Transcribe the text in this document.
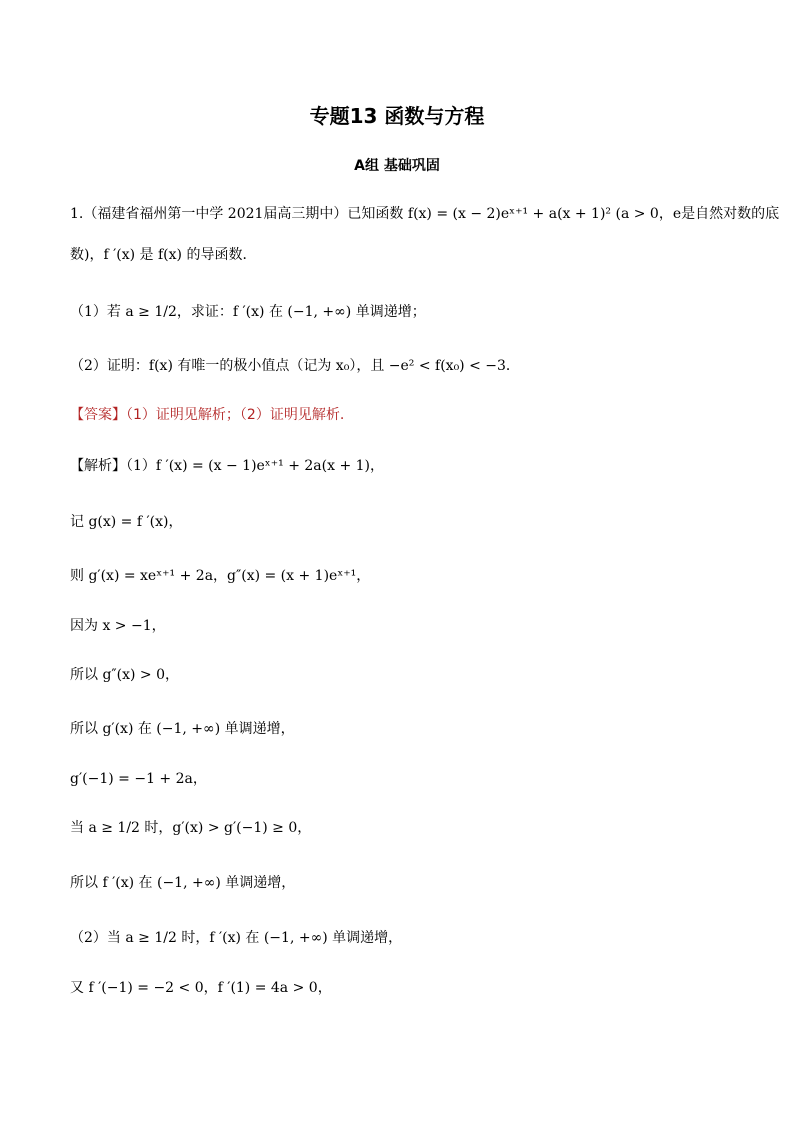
专题13 函数与方程
A组 基础巩固
1.（福建省福州第一中学 2021届高三期中）已知函数 f(x) = (x − 2)eˣ⁺¹ + a(x + 1)² (a > 0，e是自然对数的底
数)，f ′(x) 是 f(x) 的导函数．
（1）若 a ≥ 1/2，求证：f ′(x) 在 (−1, +∞) 单调递增；
（2）证明：f(x) 有唯一的极小值点（记为 x₀），且 −e² < f(x₀) < −3．
【答案】（1）证明见解析；（2）证明见解析.
【解析】（1）f ′(x) = (x − 1)eˣ⁺¹ + 2a(x + 1)，
记 g(x) = f ′(x)，
则 g′(x) = xeˣ⁺¹ + 2a，g″(x) = (x + 1)eˣ⁺¹，
因为 x > −1，
所以 g″(x) > 0，
所以 g′(x) 在 (−1, +∞) 单调递增，
g′(−1) = −1 + 2a，
当 a ≥ 1/2 时，g′(x) > g′(−1) ≥ 0，
所以 f ′(x) 在 (−1, +∞) 单调递增，
（2）当 a ≥ 1/2 时，f ′(x) 在 (−1, +∞) 单调递增，
又 f ′(−1) = −2 < 0，f ′(1) = 4a > 0，
